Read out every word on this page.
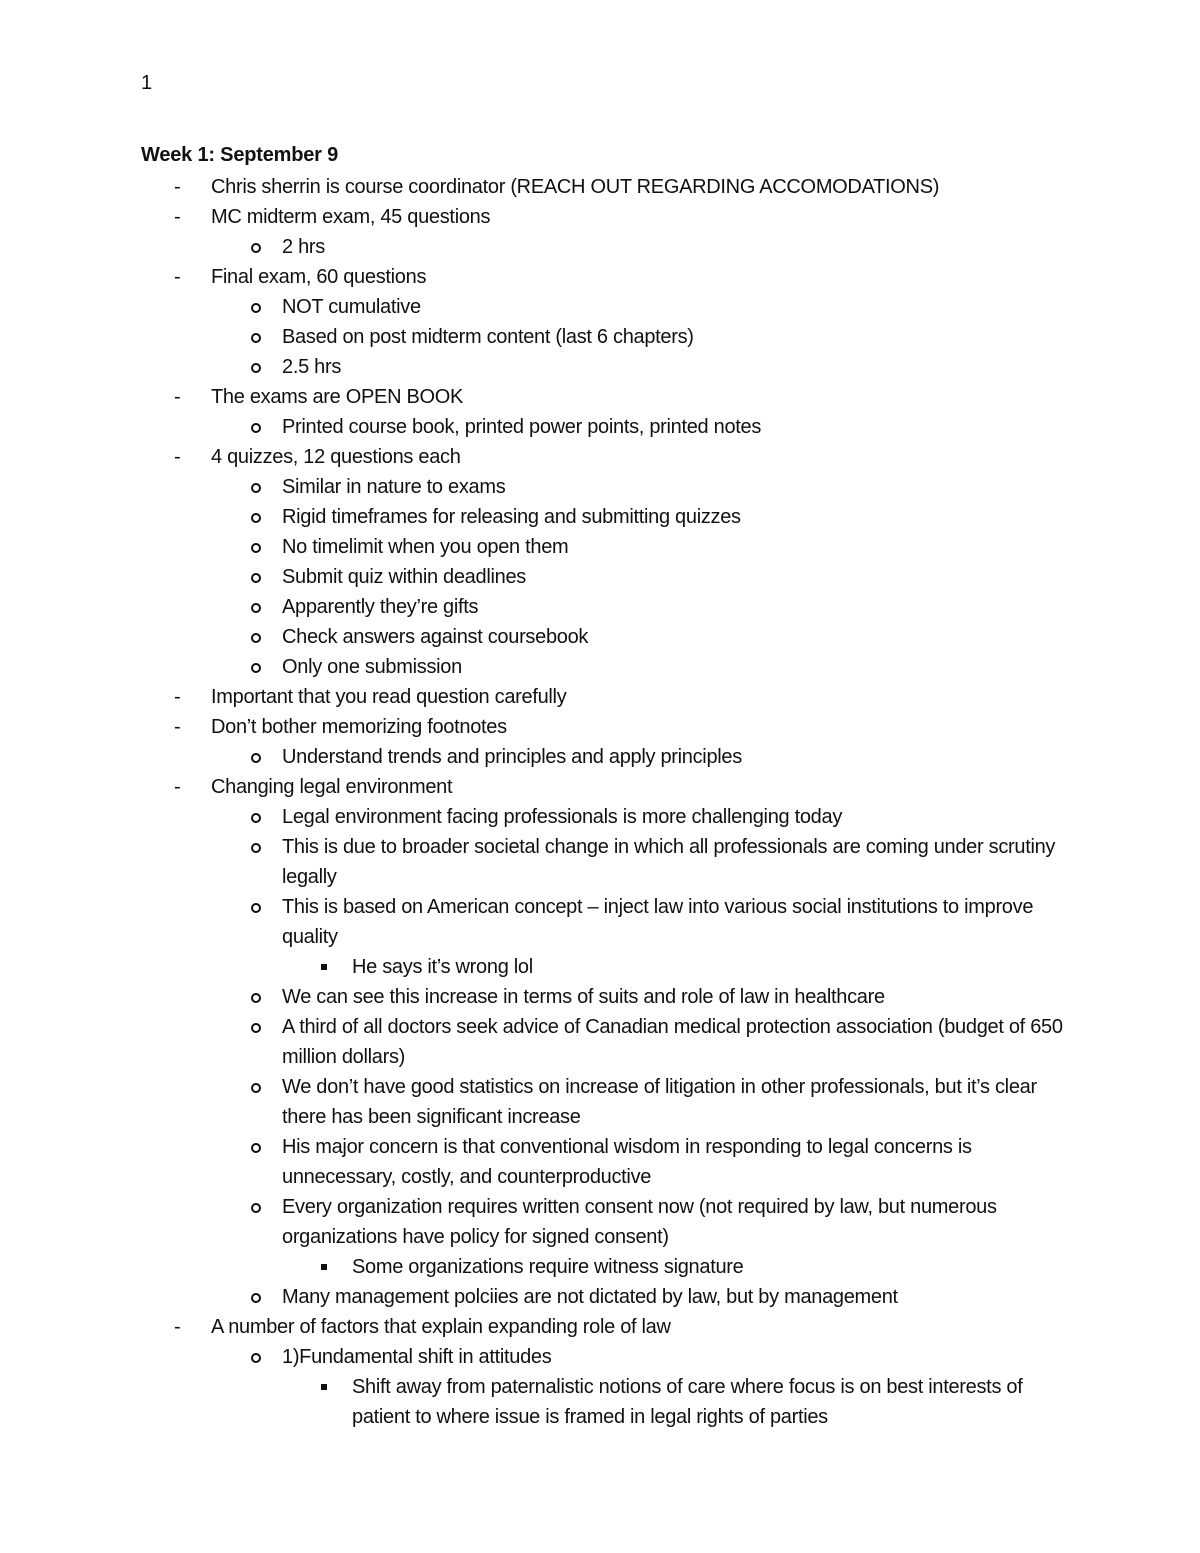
1
Week 1: September 9
- Chris sherrin is course coordinator (REACH OUT REGARDING ACCOMODATIONS)
- MC midterm exam, 45 questions
2 hrs
- Final exam, 60 questions
NOT cumulative
Based on post midterm content (last 6 chapters)
2.5 hrs
- The exams are OPEN BOOK
Printed course book, printed power points, printed notes
- 4 quizzes, 12 questions each
Similar in nature to exams
Rigid timeframes for releasing and submitting quizzes
No timelimit when you open them
Submit quiz within deadlines
Apparently they’re gifts
Check answers against coursebook
Only one submission
- Important that you read question carefully
- Don’t bother memorizing footnotes
Understand trends and principles and apply principles
- Changing legal environment
Legal environment facing professionals is more challenging today
This is due to broader societal change in which all professionals are coming under scrutiny legally
This is based on American concept – inject law into various social institutions to improve quality
He says it’s wrong lol
We can see this increase in terms of suits and role of law in healthcare
A third of all doctors seek advice of Canadian medical protection association (budget of 650 million dollars)
We don’t have good statistics on increase of litigation in other professionals, but it’s clear there has been significant increase
His major concern is that conventional wisdom in responding to legal concerns is unnecessary, costly, and counterproductive
Every organization requires written consent now (not required by law, but numerous organizations have policy for signed consent)
Some organizations require witness signature
Many management polciies are not dictated by law, but by management
- A number of factors that explain expanding role of law
1)Fundamental shift in attitudes
Shift away from paternalistic notions of care where focus is on best interests of patient to where issue is framed in legal rights of parties
